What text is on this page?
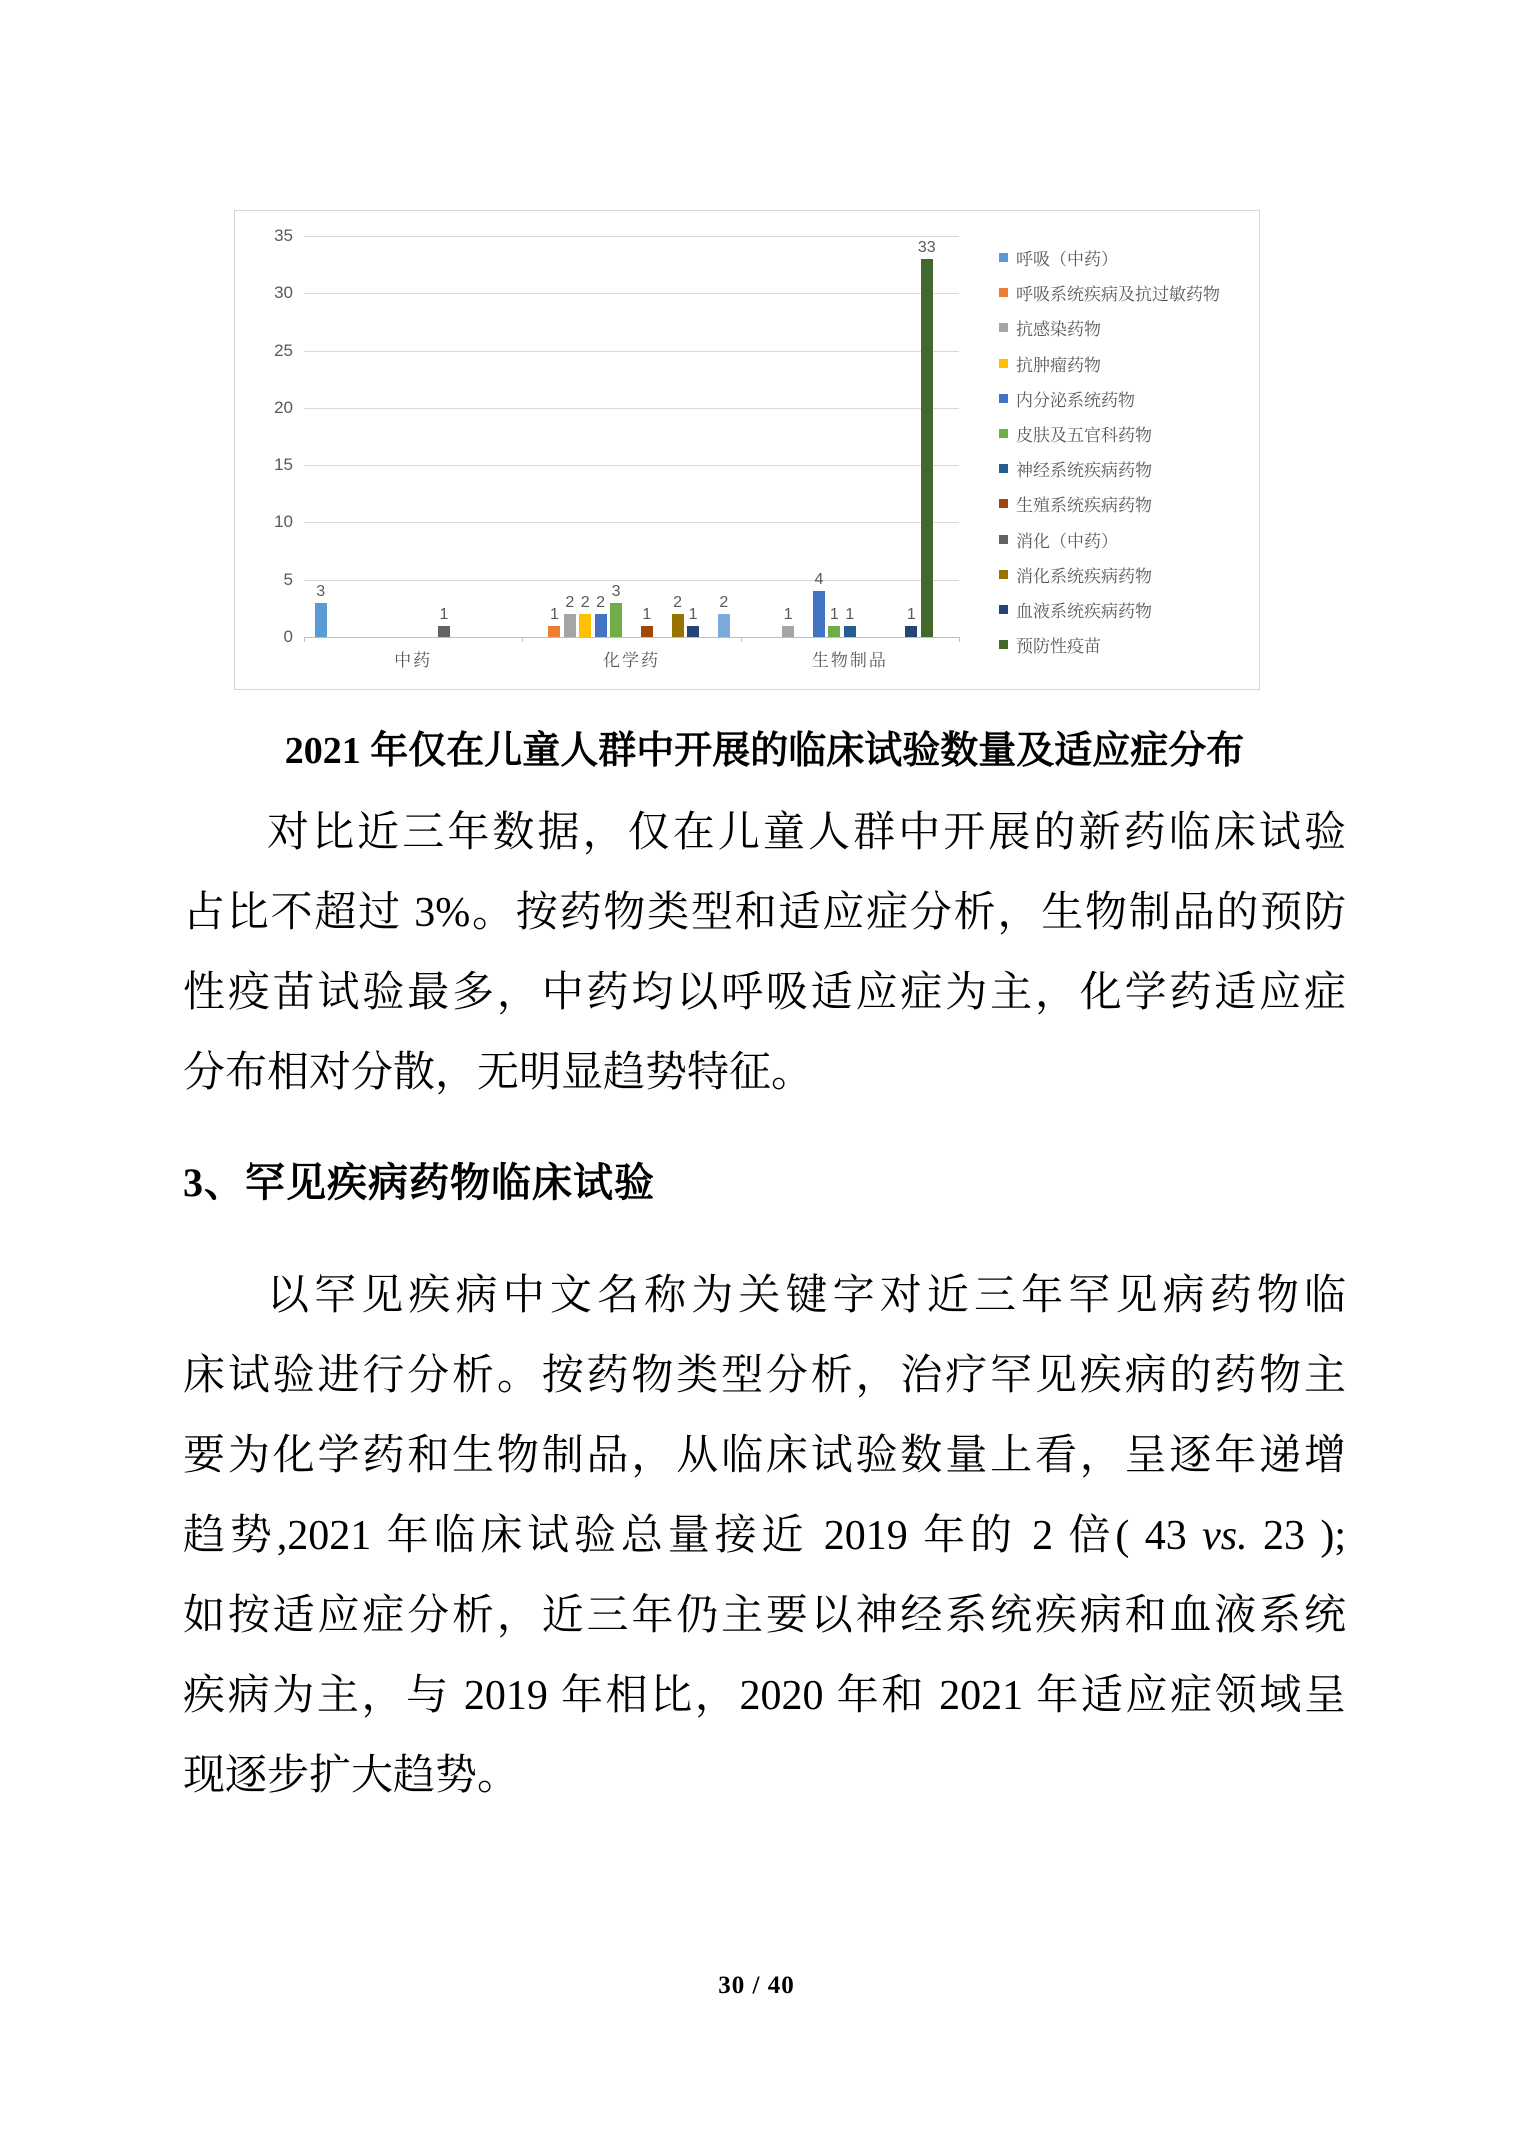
0
5
10
15
20
25
30
35
中药	化学药	生物制品
3
1
2
1
2 2
4
3
1 1
1
1
2
1	1
33
2
呼吸（中药）
呼吸系统疾病及抗过敏药物
抗感染药物
抗肿瘤药物
内分泌系统药物
皮肤及五官科药物
神经系统疾病药物
生殖系统疾病药物
消化（中药）
消化系统疾病药物
血液系统疾病药物
预防性疫苗
2021 年仅在儿童人群中开展的临床试验数量及适应症分布
对比近三年数据，仅在儿童人群中开展的新药临床试验
占比不超过 3%。按药物类型和适应症分析，生物制品的预防
性疫苗试验最多，中药均以呼吸适应症为主，化学药适应症
分布相对分散，无明显趋势特征。
3、罕见疾病药物临床试验
以罕见疾病中文名称为关键字对近三年罕见病药物临
床试验进行分析。按药物类型分析，治疗罕见疾病的药物主
要为化学药和生物制品，从临床试验数量上看，呈逐年递增
趋势,2021 年临床试验总量接近 2019 年的 2 倍( 43 vs. 23 );
如按适应症分析，近三年仍主要以神经系统疾病和血液系统
疾病为主，与 2019 年相比，2020 年和 2021 年适应症领域呈
现逐步扩大趋势。
30 / 40
